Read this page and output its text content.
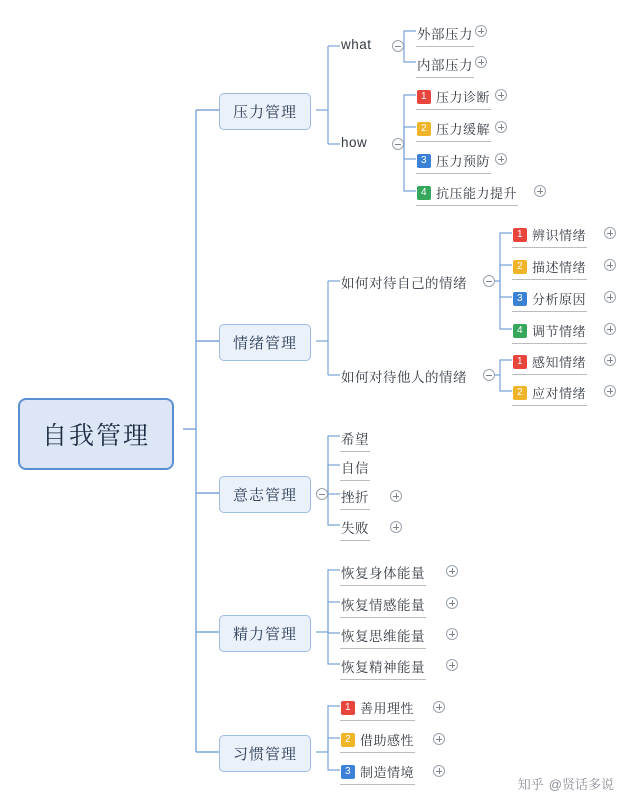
自我管理
压力管理
what
how
外部压力
内部压力
1 压力诊断
2 压力缓解
3 压力预防
4 抗压能力提升
情绪管理
如何对待自己的情绪
如何对待他人的情绪
1 辨识情绪
2 描述情绪
3 分析原因
4 调节情绪
1 感知情绪
2 应对情绪
意志管理
希望
自信
挫折
失败
精力管理
恢复身体能量
恢复情感能量
恢复思维能量
恢复精神能量
习惯管理
1 善用理性
2 借助感性
3 制造情境
知乎 @贤话多说
